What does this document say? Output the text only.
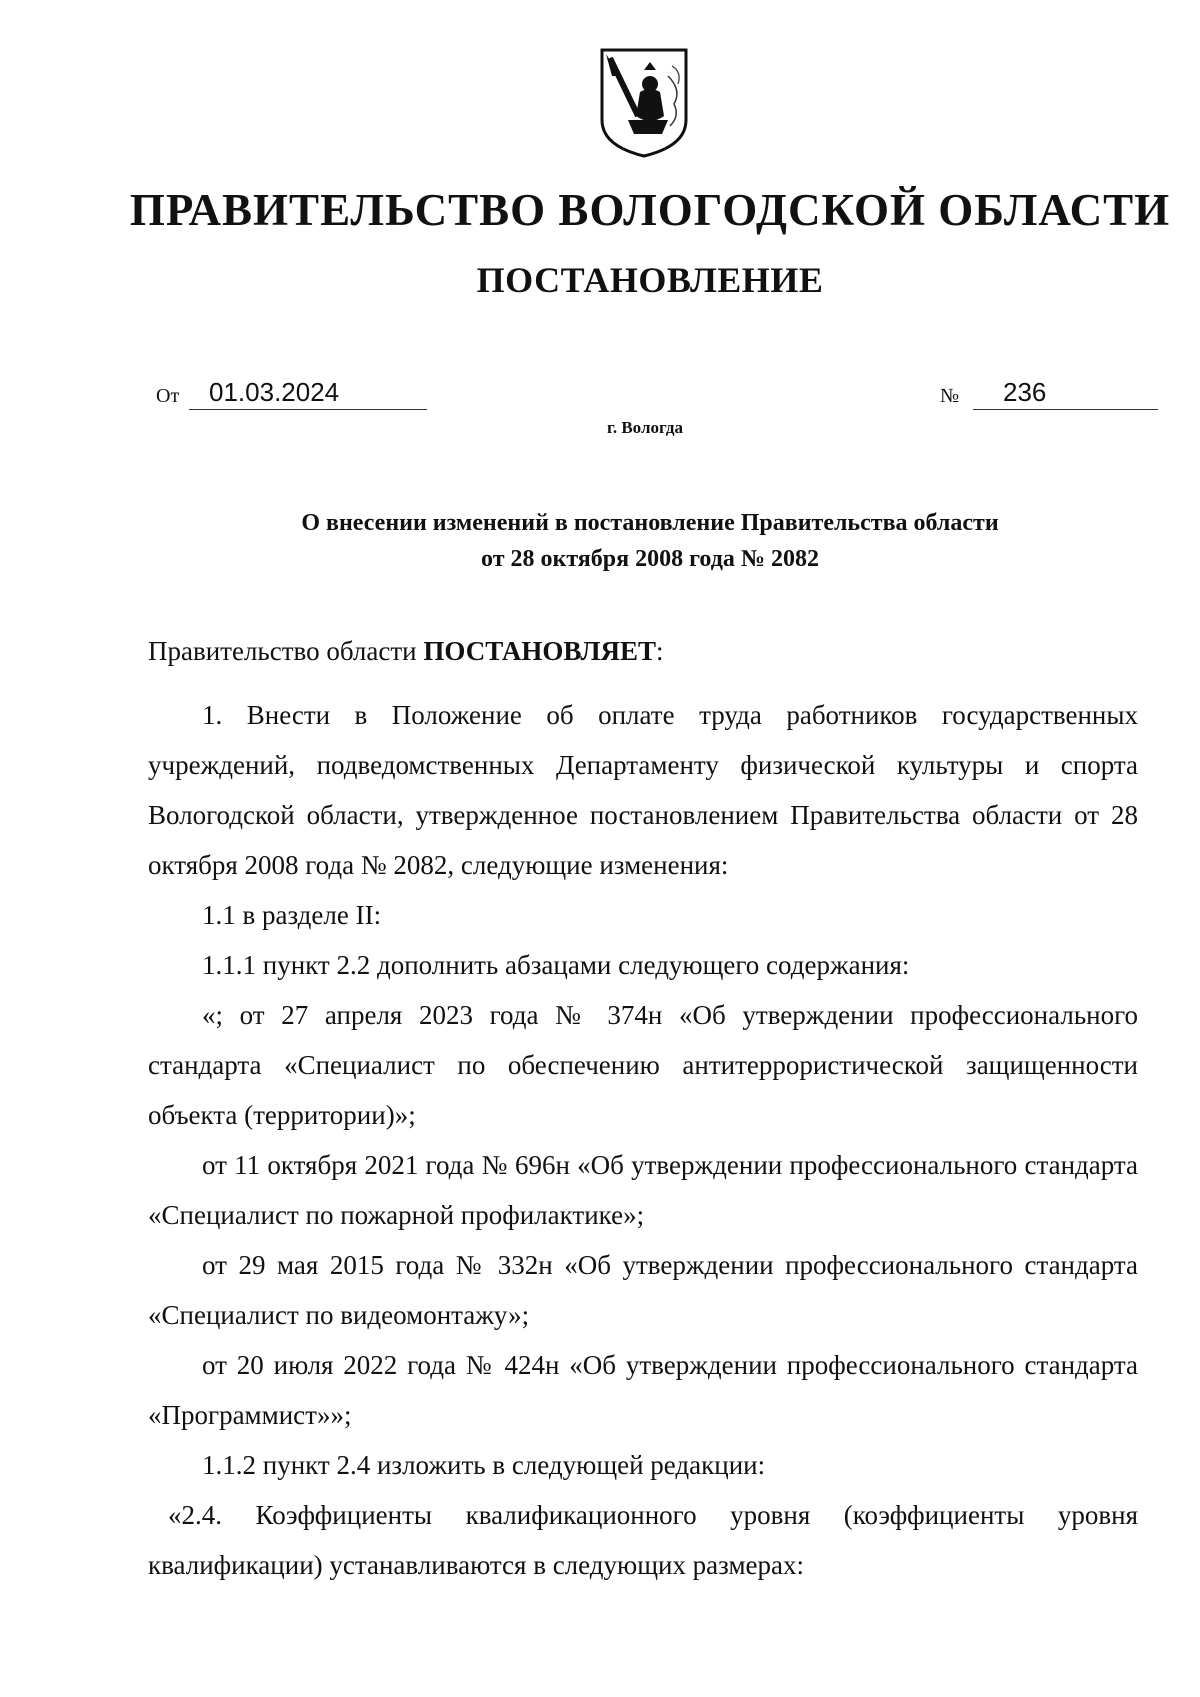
ПРАВИТЕЛЬСТВО ВОЛОГОДСКОЙ ОБЛАСТИ
ПОСТАНОВЛЕНИЕ
От	01.03.2024	№	236
г. Вологда
О внесении изменений в постановление Правительства области
от 28 октября 2008 года № 2082

Правительство области ПОСТАНОВЛЯЕТ:

1. Внести в Положение об оплате труда работников государственных учреждений, подведомственных Департаменту физической культуры и спорта Вологодской области, утвержденное постановлением Правительства области от 28 октября 2008 года № 2082, следующие изменения:

1.1 в разделе II:

1.1.1 пункт 2.2 дополнить абзацами следующего содержания:

«; от 27 апреля 2023 года № 374н «Об утверждении профессионального стандарта «Специалист по обеспечению антитеррористической защищенности объекта (территории)»;

от 11 октября 2021 года № 696н «Об утверждении профессионального стандарта «Специалист по пожарной профилактике»;

от 29 мая 2015 года № 332н «Об утверждении профессионального стандарта «Специалист по видеомонтажу»;

от 20 июля 2022 года № 424н «Об утверждении профессионального стандарта «Программист»»;

1.1.2 пункт 2.4 изложить в следующей редакции:

«2.4. Коэффициенты квалификационного уровня (коэффициенты уровня квалификации) устанавливаются в следующих размерах:
